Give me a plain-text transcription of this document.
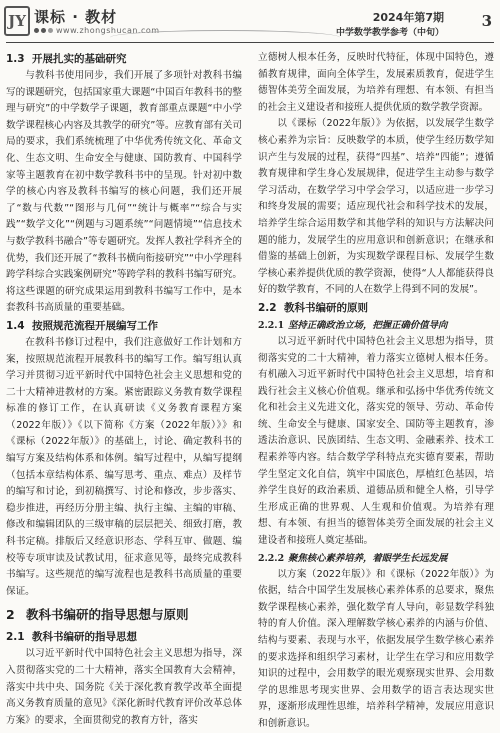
JY 课标 · 教材
www.zhongshucan.com
2024年第7期
中学数学教学参考（中旬）
3
1.3 开展扎实的基础研究

与教科书使用同步，我们开展了多项针对教科书编写的课题研究，包括国家重大课题“中国百年教科书的整理与研究”的中学数学子课题，教育部重点课题“中小学数学课程核心内容及其教学的研究”等。应教育部有关司局的要求，我们系统梳理了中华优秀传统文化、革命文化、生态文明、生命安全与健康、国防教育、中国科学家等主题教育在初中数学教科书中的呈现。针对初中数学的核心内容及教科书编写的核心问题，我们还开展了“数与代数”“图形与几何”“统计与概率”“综合与实践”“数学文化”“例题与习题系统”“问题情境”“信息技术与数学教科书融合”等专题研究。发挥人教社学科齐全的优势，我们还开展了“教科书横向衔接研究”“中小学理科跨学科综合实践案例研究”等跨学科的教科书编写研究。将这些课题的研究成果运用到教科书编写工作中，是本套教科书高质量的重要基础。

1.4 按照规范流程开展编写工作

在教科书修订过程中，我们注意做好工作计划和方案，按照规范流程开展教科书的编写工作。编写组认真学习并贯彻习近平新时代中国特色社会主义思想和党的二十大精神进教材的方案。紧密跟踪义务教育数学课程标准的修订工作，在认真研读《义务教育课程方案（2022年版）》《以下简称《方案（2022年版）》》和《课标（2022年版）》的基础上，讨论、确定教科书的编写方案及结构体系和体例。编写过程中，从编写提纲（包括本章结构体系、编写思考、重点、难点）及样节的编写和讨论，到初稿撰写、讨论和修改，步步落实、稳步推进，再经历分册主编、执行主编、主编的审稿、修改和编辑团队的三级审稿的层层把关、细致打磨，教科书定稿。排版后又经意识形态、学科互审、做题、编校等专项审读及试教试用，征求意见等，最终完成教科书编写。这些规范的编写流程也是教科书高质量的重要保证。

2 教科书编研的指导思想与原则
2.1 教科书编研的指导思想

以习近平新时代中国特色社会主义思想为指导，深入贯彻落实党的二十大精神，落实全国教育大会精神，落实中共中央、国务院《关于深化教育教学改革全面提高义务教育质量的意见》《深化新时代教育评价改革总体方案》的要求，全面贯彻党的教育方针，落实

立德树人根本任务，反映时代特征，体现中国特色，遵循教育规律，面向全体学生，发展素质教育，促进学生德智体美劳全面发展，为培养有理想、有本领、有担当的社会主义建设者和接班人提供优质的数学教学资源。

以《课标（2022年版）》为依据，以发展学生数学核心素养为宗旨：反映数学的本质，使学生经历数学知识产生与发展的过程，获得“四基”、培养“四能”；遵循教育规律和学生身心发展规律，促进学生主动参与数学学习活动，在数学学习中学会学习，以适应进一步学习和终身发展的需要；适应现代社会和科学技术的发展，培养学生综合运用数学和其他学科的知识与方法解决问题的能力，发展学生的应用意识和创新意识；在继承和借鉴的基础上创新，为实现数学课程目标、发展学生数学核心素养提供优质的教学资源，使得“人人都能获得良好的数学教育，不同的人在数学上得到不同的发展”。

2.2 教科书编研的原则
2.2.1 坚持正确政治立场，把握正确价值导向

以习近平新时代中国特色社会主义思想为指导，贯彻落实党的二十大精神，着力落实立德树人根本任务。有机融入习近平新时代中国特色社会主义思想，培育和践行社会主义核心价值观。继承和弘扬中华优秀传统文化和社会主义先进文化，落实党的领导、劳动、革命传统、生命安全与健康、国家安全、国防等主题教育，渗透法治意识、民族团结、生态文明、金融素养、技术工程素养等内容。结合数学学科特点充实德育要素，帮助学生坚定文化自信，筑牢中国底色，厚植红色基因，培养学生良好的政治素质、道德品质和健全人格，引导学生形成正确的世界观、人生观和价值观。为培养有理想、有本领、有担当的德智体美劳全面发展的社会主义建设者和接班人奠定基础。

2.2.2 聚焦核心素养培养，着眼学生长远发展

以方案（2022年版）》和《课标（2022年版）》为依据，结合中国学生发展核心素养体系的总要求，聚焦数学课程核心素养，强化数学育人导向，彰显数学科独特的育人价值。深入理解数学核心素养的内涵与价值、结构与要素、表现与水平，依据发展学生数学核心素养的要求选择和组织学习素材，让学生在学习和应用数学知识的过程中，会用数学的眼光观察现实世界、会用数学的思维思考现实世界、会用数学的语言表达现实世界，逐渐形成理性思维，培养科学精神，发展应用意识和创新意识。
